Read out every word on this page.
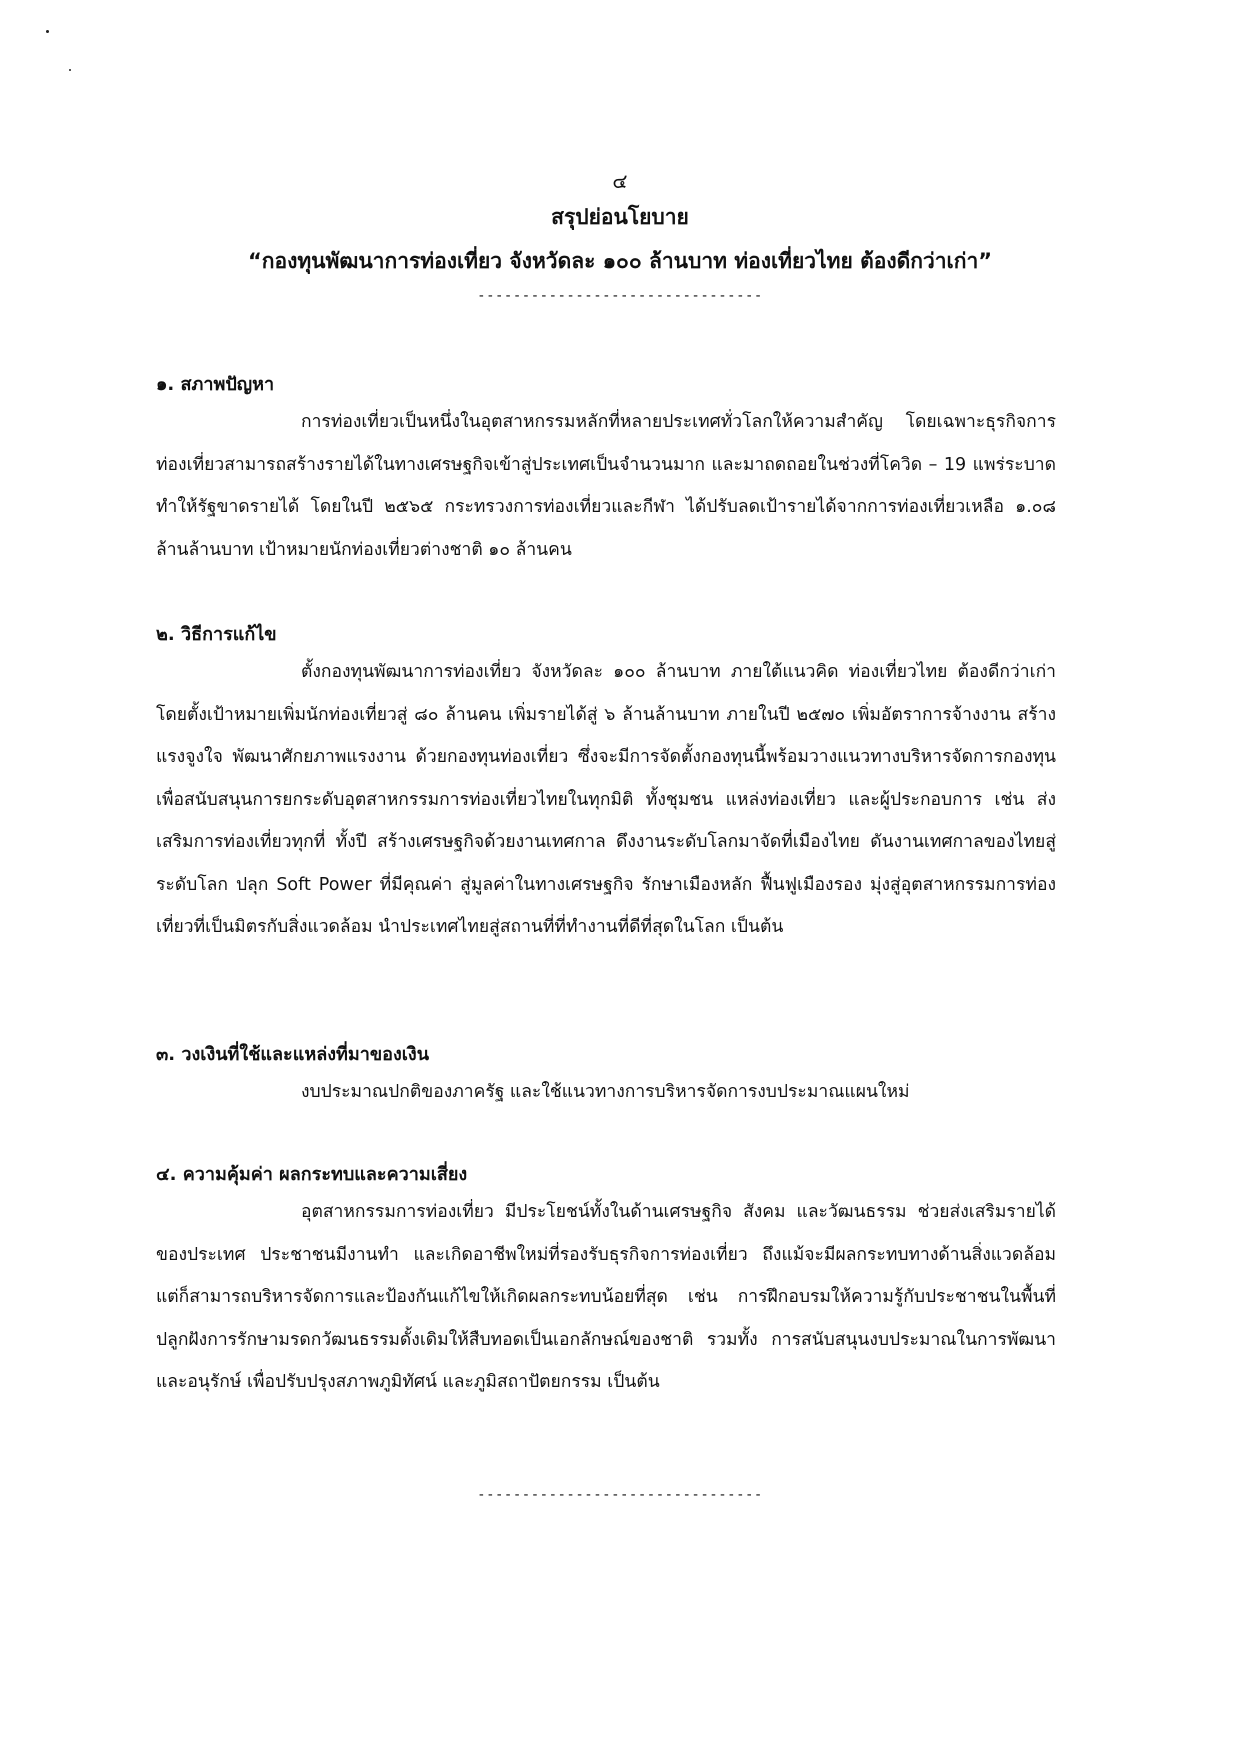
๔
สรุปย่อนโยบาย
“กองทุนพัฒนาการท่องเที่ยว จังหวัดละ ๑๐๐ ล้านบาท ท่องเที่ยวไทย ต้องดีกว่าเก่า”
--------------------------------
๑. สภาพปัญหา
การท่องเที่ยวเป็นหนึ่งในอุตสาหกรรมหลักที่หลายประเทศทั่วโลกให้ความสำคัญ โดยเฉพาะธุรกิจการท่องเที่ยวสามารถสร้างรายได้ในทางเศรษฐกิจเข้าสู่ประเทศเป็นจำนวนมาก และมาถดถอยในช่วงที่โควิด – 19 แพร่ระบาด ทำให้รัฐขาดรายได้ โดยในปี ๒๕๖๕ กระทรวงการท่องเที่ยวและกีฬา ได้ปรับลดเป้ารายได้จากการท่องเที่ยวเหลือ ๑.๐๘ ล้านล้านบาท เป้าหมายนักท่องเที่ยวต่างชาติ ๑๐ ล้านคน
๒. วิธีการแก้ไข
ตั้งกองทุนพัฒนาการท่องเที่ยว จังหวัดละ ๑๐๐ ล้านบาท ภายใต้แนวคิด ท่องเที่ยวไทย ต้องดีกว่าเก่า โดยตั้งเป้าหมายเพิ่มนักท่องเที่ยวสู่ ๘๐ ล้านคน เพิ่มรายได้สู่ ๖ ล้านล้านบาท ภายในปี ๒๕๗๐ เพิ่มอัตราการจ้างงาน สร้างแรงจูงใจ พัฒนาศักยภาพแรงงาน ด้วยกองทุนท่องเที่ยว ซึ่งจะมีการจัดตั้งกองทุนนี้พร้อมวางแนวทางบริหารจัดการกองทุนเพื่อสนับสนุนการยกระดับอุตสาหกรรมการท่องเที่ยวไทยในทุกมิติ ทั้งชุมชน แหล่งท่องเที่ยว และผู้ประกอบการ เช่น ส่งเสริมการท่องเที่ยวทุกที่ ทั้งปี สร้างเศรษฐกิจด้วยงานเทศกาล ดึงงานระดับโลกมาจัดที่เมืองไทย ดันงานเทศกาลของไทยสู่ระดับโลก ปลุก Soft Power ที่มีคุณค่า สู่มูลค่าในทางเศรษฐกิจ รักษาเมืองหลัก ฟื้นฟูเมืองรอง มุ่งสู่อุตสาหกรรมการท่องเที่ยวที่เป็นมิตรกับสิ่งแวดล้อม นำประเทศไทยสู่สถานที่ที่ทำงานที่ดีที่สุดในโลก เป็นต้น
๓. วงเงินที่ใช้และแหล่งที่มาของเงิน
งบประมาณปกติของภาครัฐ และใช้แนวทางการบริหารจัดการงบประมาณแผนใหม่
๔. ความคุ้มค่า ผลกระทบและความเสี่ยง
อุตสาหกรรมการท่องเที่ยว มีประโยชน์ทั้งในด้านเศรษฐกิจ สังคม และวัฒนธรรม ช่วยส่งเสริมรายได้ของประเทศ ประชาชนมีงานทำ และเกิดอาชีพใหม่ที่รองรับธุรกิจการท่องเที่ยว ถึงแม้จะมีผลกระทบทางด้านสิ่งแวดล้อม แต่ก็สามารถบริหารจัดการและป้องกันแก้ไขให้เกิดผลกระทบน้อยที่สุด เช่น การฝึกอบรมให้ความรู้กับประชาชนในพื้นที่ ปลูกฝังการรักษามรดกวัฒนธรรมดั้งเดิมให้สืบทอดเป็นเอกลักษณ์ของชาติ รวมทั้ง การสนับสนุนงบประมาณในการพัฒนาและอนุรักษ์ เพื่อปรับปรุงสภาพภูมิทัศน์ และภูมิสถาปัตยกรรม เป็นต้น
--------------------------------
